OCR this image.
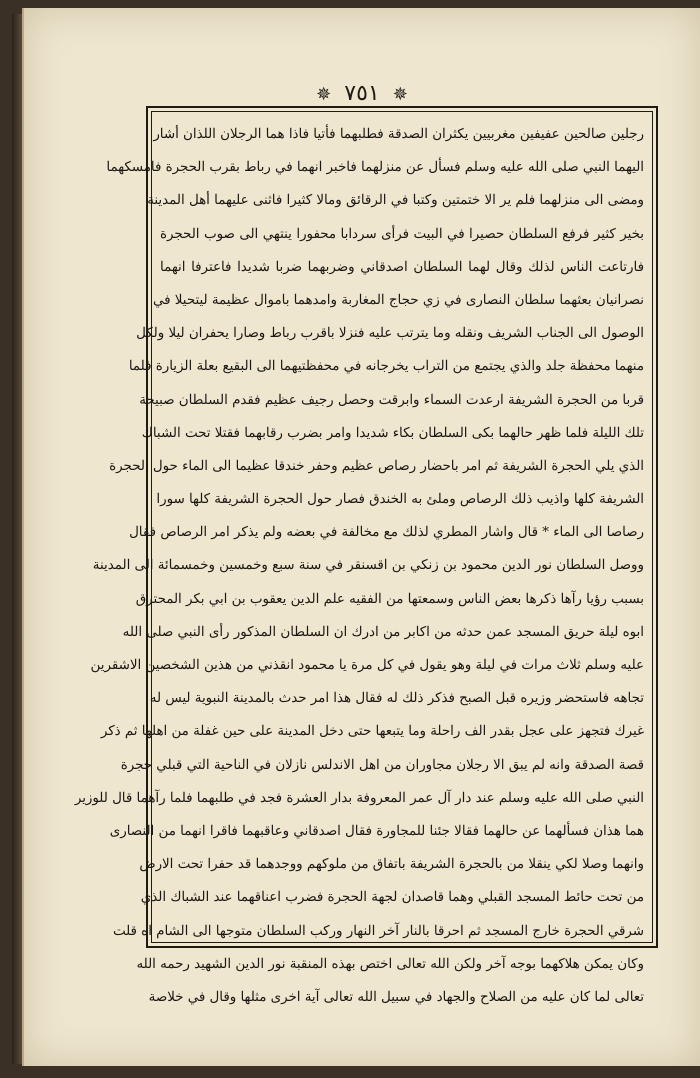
✵ ٧٥١ ✵
رجلين صالحين عفيفين مغربيين يكثران الصدقة فطلبهما فأتيا فاذا هما الرجلان اللذان أشار
اليهما النبي صلى الله عليه وسلم فسأل عن منزلهما فاخبر انهما في رباط بقرب الحجرة فامسكهما
ومضى الى منزلهما فلم ير الا ختمتين وكتبا في الرقائق ومالا كثيرا فاثنى عليهما أهل المدينة
بخير كثير فرفع السلطان حصيرا في البيت فرأى سردابا محفورا ينتهي الى صوب الحجرة
فارتاعت الناس لذلك وقال لهما السلطان اصدقاني وضربهما ضربا شديدا فاعترفا انهما
نصرانيان بعثهما سلطان النصارى في زي حجاج المغاربة وامدهما باموال عظيمة ليتحيلا في
الوصول الى الجناب الشريف ونقله وما يترتب عليه فنزلا باقرب رباط وصارا يحفران ليلا ولكل
منهما محفظة جلد والذي يجتمع من التراب يخرجانه في محفظتيهما الى البقيع بعلة الزيارة فلما
قربا من الحجرة الشريفة ارعدت السماء وابرقت وحصل رجيف عظيم فقدم السلطان صبيحة
تلك الليلة فلما ظهر حالهما بكى السلطان بكاء شديدا وامر بضرب رقابهما فقتلا تحت الشباك
الذي يلي الحجرة الشريفة ثم امر باحضار رصاص عظيم وحفر خندقا عظيما الى الماء حول الحجرة
الشريفة كلها واذيب ذلك الرصاص وملئ به الخندق فصار حول الحجرة الشريفة كلها سورا
رصاصا الى الماء * قال واشار المطري لذلك مع مخالفة في بعضه ولم يذكر امر الرصاص فقال
ووصل السلطان نور الدين محمود بن زنكي بن اقسنقر في سنة سبع وخمسين وخمسمائة الى المدينة
بسبب رؤيا رآها ذكرها بعض الناس وسمعتها من الفقيه علم الدين يعقوب بن ابي بكر المحترق
ابوه ليلة حريق المسجد عمن حدثه من اكابر من ادرك ان السلطان المذكور رأى النبي صلى الله
عليه وسلم ثلاث مرات في ليلة وهو يقول في كل مرة يا محمود انقذني من هذين الشخصين الاشقرين
تجاهه فاستحضر وزيره قبل الصبح فذكر ذلك له فقال هذا امر حدث بالمدينة النبوية ليس له
غيرك فتجهز على عجل بقدر الف راحلة وما يتبعها حتى دخل المدينة على حين غفلة من اهلها ثم ذكر
قصة الصدقة وانه لم يبق الا رجلان مجاوران من اهل الاندلس نازلان في الناحية التي قبلي حجرة
النبي صلى الله عليه وسلم عند دار آل عمر المعروفة بدار العشرة فجد في طلبهما فلما رآهما قال للوزير
هما هذان فسألهما عن حالهما فقالا جئنا للمجاورة فقال اصدقاني وعاقبهما فاقرا انهما من النصارى
وانهما وصلا لكي ينقلا من بالحجرة الشريفة باتفاق من ملوكهم ووجدهما قد حفرا تحت الارض
من تحت حائط المسجد القبلي وهما قاصدان لجهة الحجرة فضرب اعناقهما عند الشباك الذي
شرقي الحجرة خارج المسجد ثم احرقا بالنار آخر النهار وركب السلطان متوجها الى الشام اه قلت
وكان يمكن هلاكهما بوجه آخر ولكن الله تعالى اختص بهذه المنقبة نور الدين الشهيد رحمه الله
تعالى لما كان عليه من الصلاح والجهاد في سبيل الله تعالى آية اخرى مثلها وقال في خلاصة
